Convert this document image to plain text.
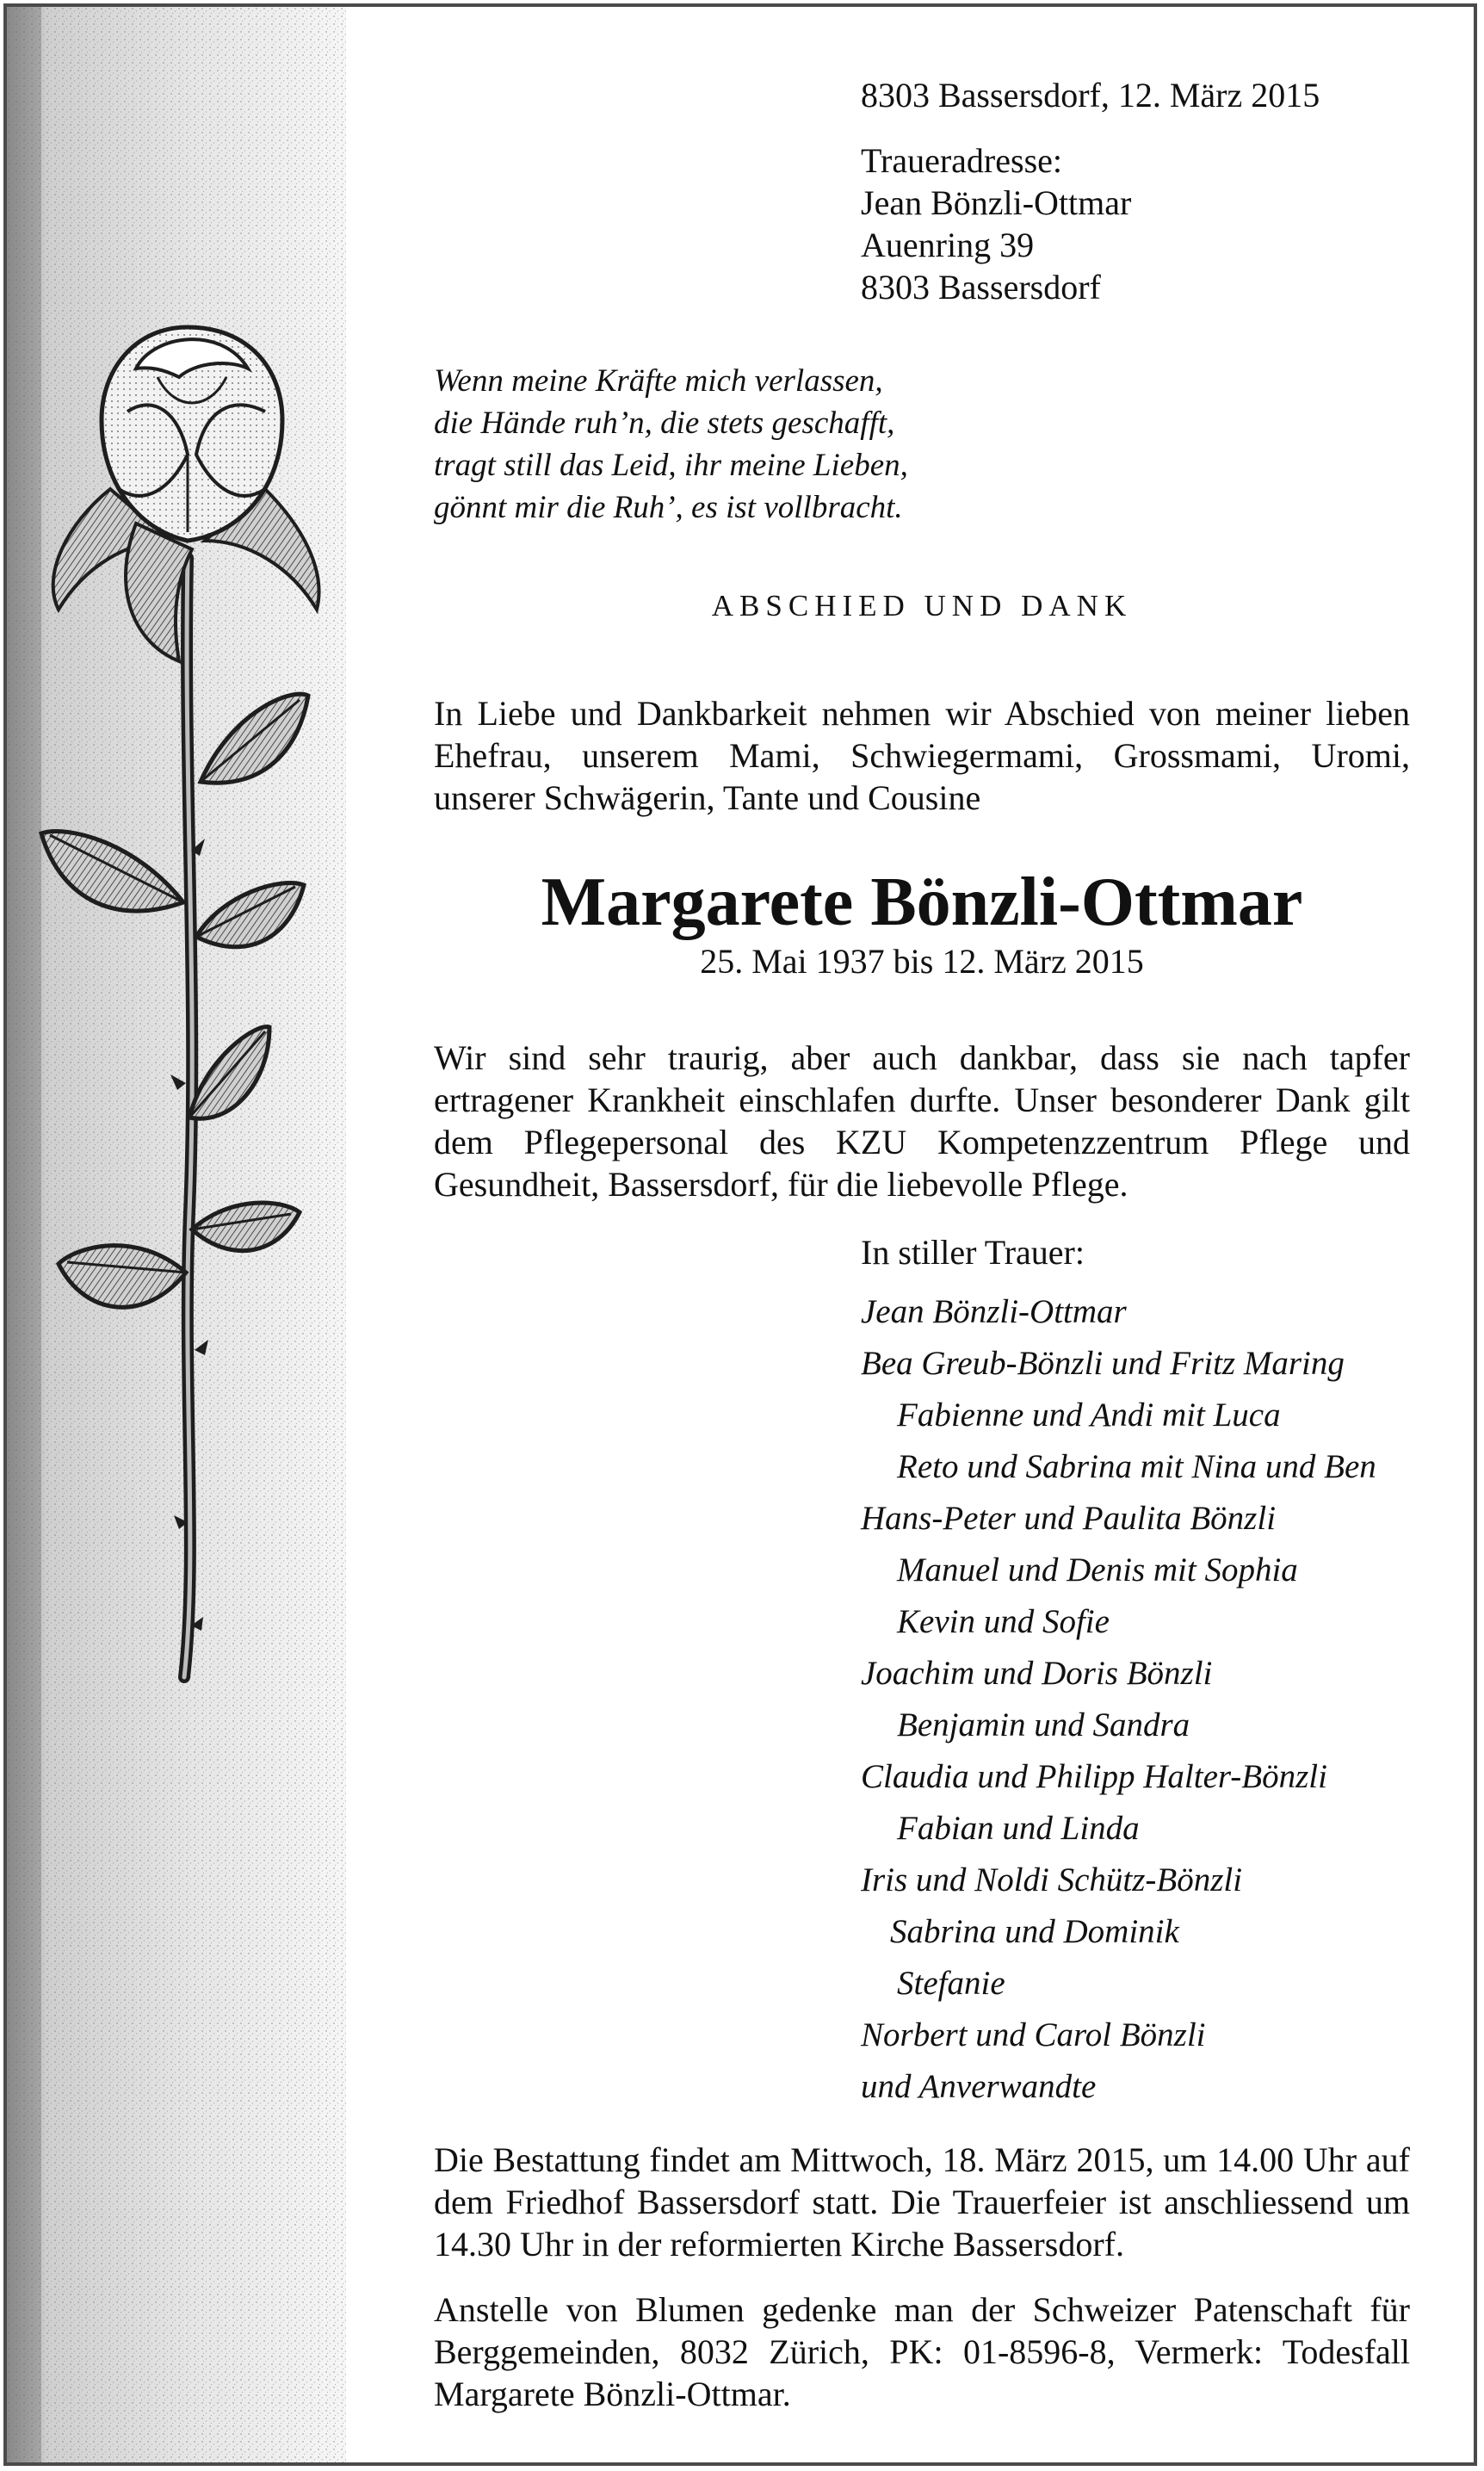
8303 Bassersdorf, 12. März 2015

Traueradresse:
Jean Bönzli-Ottmar
Auenring 39
8303 Bassersdorf
Wenn meine Kräfte mich verlassen,
die Hände ruh’n, die stets geschafft,
tragt still das Leid, ihr meine Lieben,
gönnt mir die Ruh’, es ist vollbracht.

ABSCHIED UND DANK

In Liebe und Dankbarkeit nehmen wir Abschied von meiner lieben Ehefrau, unserem Mami, Schwiegermami, Grossmami, Uromi, unserer Schwägerin, Tante und Cousine

Margarete Bönzli-Ottmar

25. Mai 1937 bis 12. März 2015

Wir sind sehr traurig, aber auch dankbar, dass sie nach tapfer ertragener Krankheit einschlafen durfte. Unser besonderer Dank gilt dem Pflegepersonal des KZU Kompetenzzentrum Pflege und Gesundheit, Bassersdorf, für die liebevolle Pflege.

In stiller Trauer:

Jean Bönzli-Ottmar
Bea Greub-Bönzli und Fritz Maring
Fabienne und Andi mit Luca
Reto und Sabrina mit Nina und Ben
Hans-Peter und Paulita Bönzli
Manuel und Denis mit Sophia
Kevin und Sofie
Joachim und Doris Bönzli
Benjamin und Sandra
Claudia und Philipp Halter-Bönzli
Fabian und Linda
Iris und Noldi Schütz-Bönzli
Sabrina und Dominik
Stefanie
Norbert und Carol Bönzli
und Anverwandte

Die Bestattung findet am Mittwoch, 18. März 2015, um 14.00 Uhr auf dem Friedhof Bassersdorf statt. Die Trauerfeier ist anschliessend um 14.30 Uhr in der reformierten Kirche Bassersdorf.

Anstelle von Blumen gedenke man der Schweizer Patenschaft für Berggemeinden, 8032 Zürich, PK: 01-8596-8, Vermerk: Todesfall Margarete Bönzli-Ottmar.
